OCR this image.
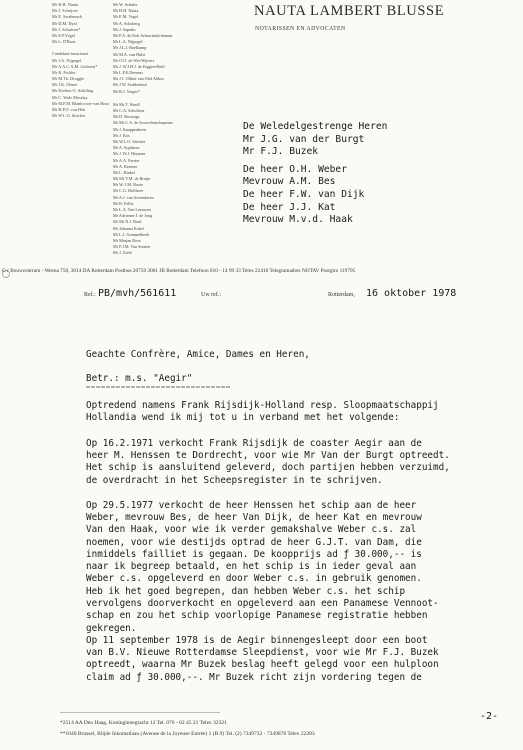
Mr H.H. Nauta
Mr J. Schrijver
Mr E. Swaberuch
Mr D.M. Dyal
Mr J. Schuiven*
Mr E.P.Vogel
Mr L. D'Ruas
Candidaat-notarissen
Mr J.A. Nijpogel
Mr A.A.C.A.M. Gelissen*
Mr R. Pichler
Mr M.Th. Droggle
Mr J.K. Olmer
Mr Eveline O. Schilling
Mr C. Wale Mosslay
Mr M.P.M. Blankvoort-van Hout
Mr H.P.O. van Hek
Mr W.L.O. Stricker
Mr W. Schuler
Mr H.H. Nauta
Mr E.M. Vogel
Mr A. Schuberg
Mr J. Sapalin
Mr P.A. de Kok Schawinski-daman
Mr L.A. Nijpogel
Mr J.L.J. Boelkamp
Mr M.A. van Hulst
Mr O.O. de Wet-Wijvers
Mr J. W.J.H.J. de Erggen-Bold
Mr L.P.E.Deerens
Mr J.J. Olthof van Olaf Altkos
Mr J.W. Sodderland
Mr R.J. Verges*
Mr Mr T. Wardl
Mr C.A. Scholtens
Mr D. Rossings
Mr Mr C.A. de Scravelenschapman
Mr J. Knappenbeen
Mr J. Kos
Mr W.L.O. Stricker
Mr A. Sopheres
Mr J. W.J. Heyman
Mr A.A. Perrier
Mr A. Reemer
Mr L. Rinkel
Mr Mr V.M. de Bruijn
Mr W. J.M. Rozie
Mr C.G. Hollboer
Mr A.J. van Swienderen
Mr R. Fellis
Mr L.A. Van Leeuwen
Mr Adrienne J. de Jong
Mr Mr N.J. Bertl
Mr Johanna Kabel
Mr L.J. Gommelbeek
Mr Marjan Rose
Mr F.J.M. Van Straten
Mr J. Ziehl
NAUTA LAMBERT BLUSSE
NOTARISSEN EN ADVOCATEN
De Weledelgestrenge Heren
Mr J.G. van der Burgt
Mr F.J. Buzek
De heer O.H. Weber
Mevrouw A.M. Bes
De heer F.W. van Dijk
De heer J.J. Kat
Mevrouw M.v.d. Haak
G r Bouwcentrum - Weena 750, 3014 DA Rotterdam Postbus 20750 3001 JB Rotterdam Telefoon 010 - 14 99 33 Telex 22410 Telegramadres NOTAV Postgiro 119795
Ref.: PB/mvh/561611	Uw ref.:	Rotterdam, 16 oktober 1978
Geachte Confrère, Amice, Dames en Heren,
Betr.: m.s. "Aegir"
Optredend namens Frank Rijsdijk-Holland resp. Sloopmaatschappij
Hollandia wend ik mij tot u in verband met het volgende:
Op 16.2.1971 verkocht Frank Rijsdijk de coaster Aegir aan de
heer M. Henssen te Dordrecht, voor wie Mr Van der Burgt optreedt.
Het schip is aansluitend geleverd, doch partijen hebben verzuimd,
de overdracht in het Scheepsregister in te schrijven.
Op 29.5.1977 verkocht de heer Henssen het schip aan de heer
Weber, mevrouw Bes, de heer Van Dijk, de heer Kat en mevrouw
Van den Haak, voor wie ik verder gemakshalve Weber c.s. zal
noemen, voor wie destijds optrad de heer G.J.T. van Dam, die
inmiddels failliet is gegaan. De koopprijs ad ƒ 30.000,-- is
naar ik begreep betaald, en het schip is in ieder geval aan
Weber c.s. opgeleverd en door Weber c.s. in gebruik genomen.
Heb ik het goed begrepen, dan hebben Weber c.s. het schip
vervolgens doorverkocht en opgeleverd aan een Panamese Vennoot-
schap en zou het schip voorlopige Panamese registratie hebben
gekregen.
Op 11 september 1978 is de Aegir binnengesleept door een boot
van B.V. Nieuwe Rotterdamse Sleepdienst, voor wie Mr F.J. Buzek
optreedt, waarna Mr Buzek beslag heeft gelegd voor een hulploon
claim ad ƒ 30.000,--. Mr Buzek richt zijn vordering tegen de
-2-
*2514 AA Den Haag, Koninginnegracht 12 Tel. 070 - 62 45 21 Telex 32321
**1040 Brussel, Blijde Inkomstlaan (Avenue de la Joyeuse Entrée) 1 (B.9) Tel. (2) 7349732 - 7349878 Telex 22283
